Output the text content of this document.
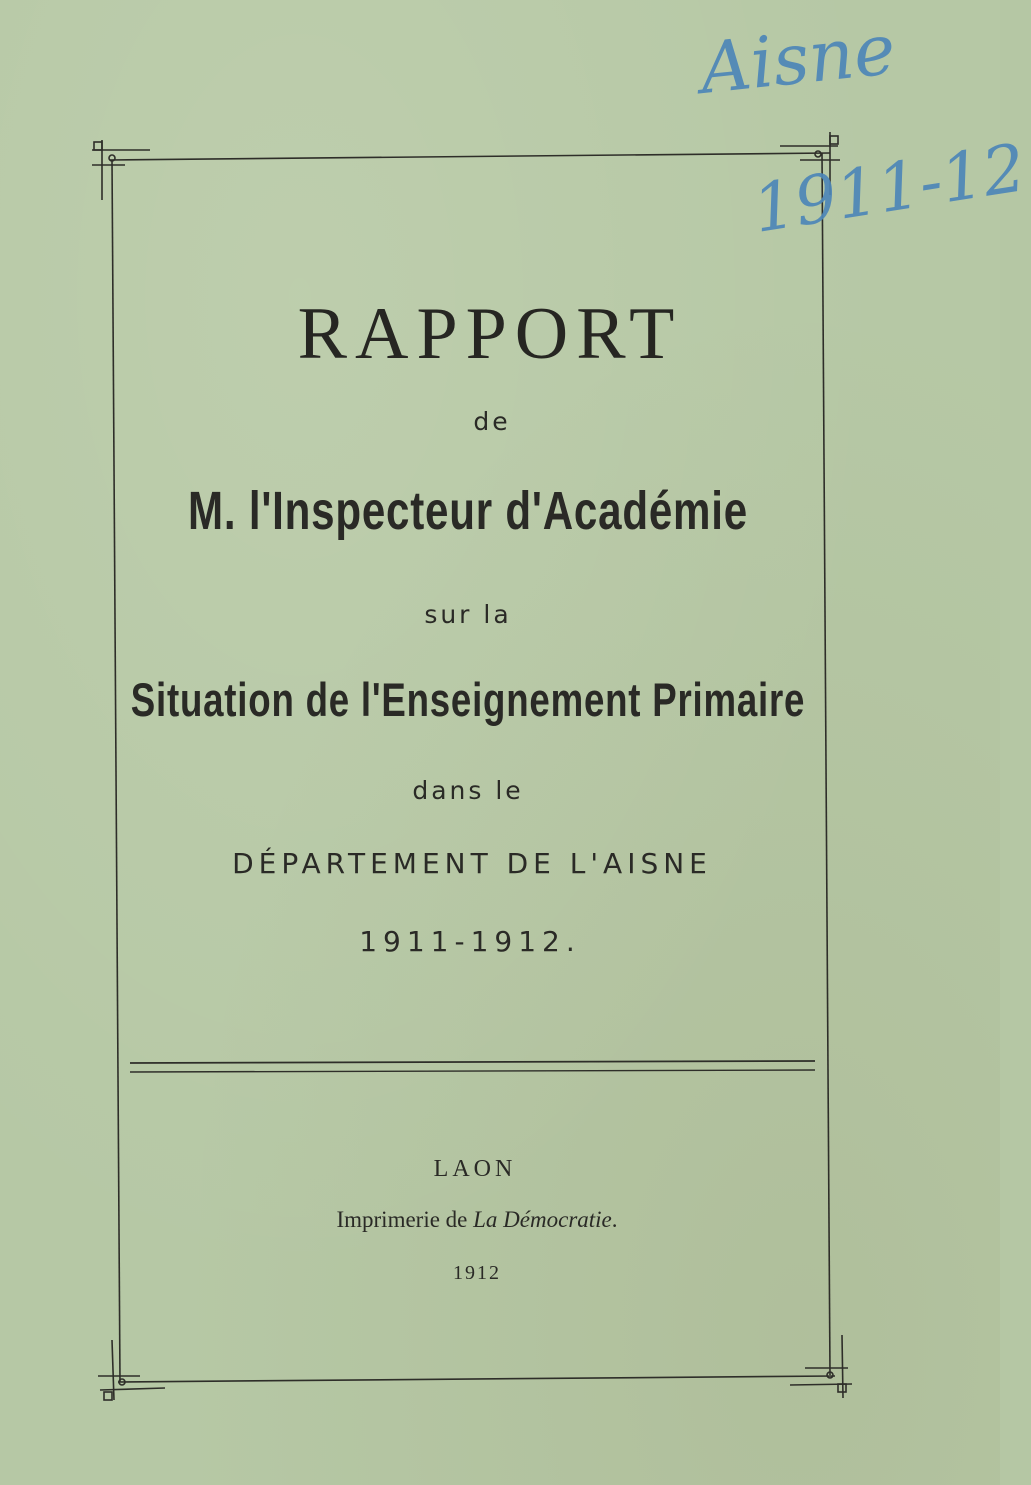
RAPPORT

de

M. l'Inspecteur d'Académie

sur la

Situation de l'Enseignement Primaire

dans le

DÉPARTEMENT DE L'AISNE

1911-1912.

LAON

Imprimerie de La Démocratie.

1912

Aisne

1911-12
